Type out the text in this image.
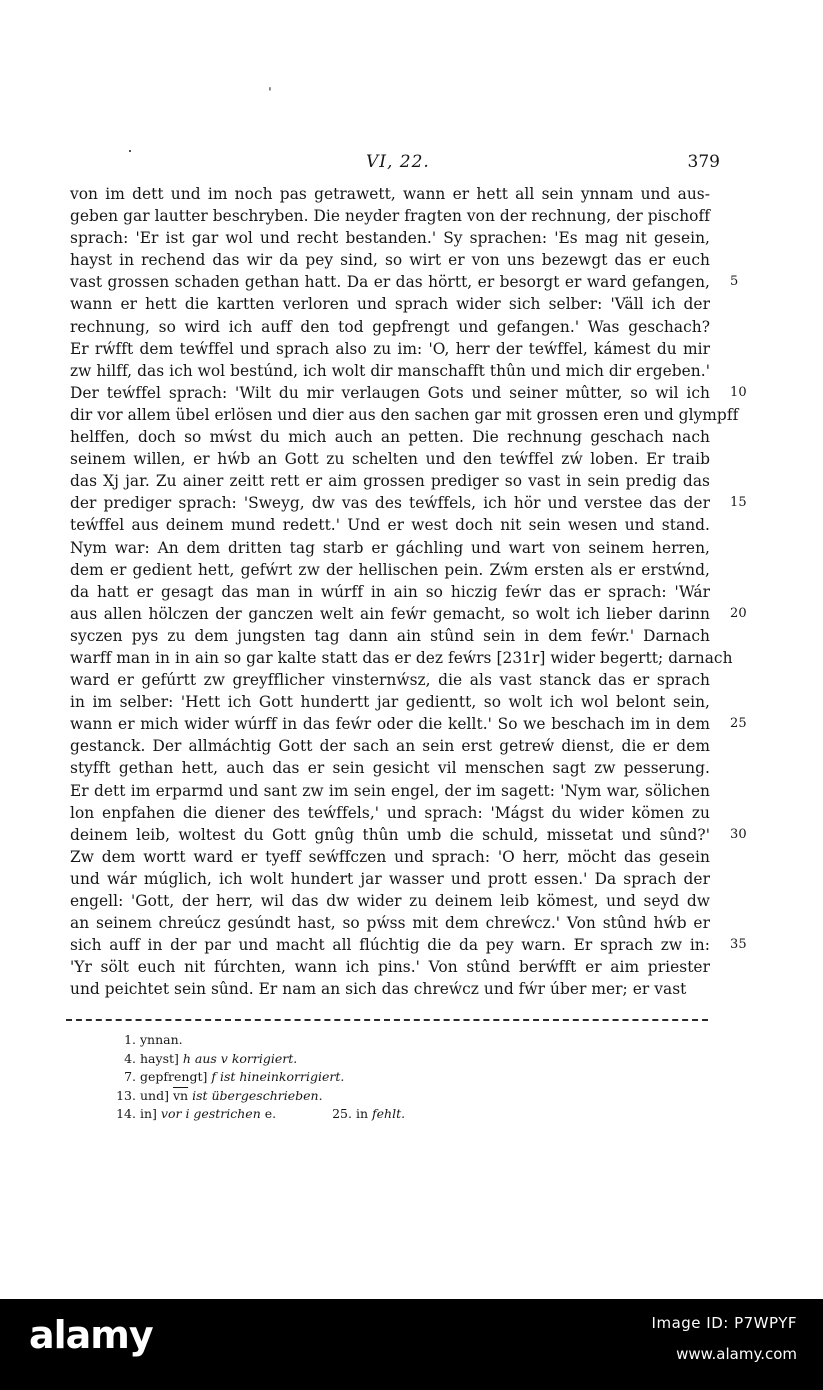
ˈ
VI, 22.	379
von im dett und im noch pas getrawett, wann er hett all sein ynnam und aus-
geben gar lautter beschryben. Die neyder fragten von der rechnung, der pischoff
sprach: 'Er ist gar wol und recht bestanden.' Sy sprachen: 'Es mag nit gesein,
hayst in rechend das wir da pey sind, so wirt er von uns bezewgt das er euch
vast grossen schaden gethan hatt. Da er das hörtt, er besorgt er ward gefangen, 5
wann er hett die kartten verloren und sprach wider sich selber: 'Väll ich der
rechnung, so wird ich auff den tod gepfrengt und gefangen.' Was geschach?
Er rẃfft dem teẃffel und sprach also zu im: 'O, herr der teẃffel, kámest du mir
zw hilff, das ich wol bestúnd, ich wolt dir manschafft thûn und mich dir ergeben.'
Der teẃffel sprach: 'Wilt du mir verlaugen Gots und seiner mûtter, so wil ich 10
dir vor allem übel erlösen und dier aus den sachen gar mit grossen eren und glympff
helffen, doch so mẃst du mich auch an petten. Die rechnung geschach nach
seinem willen, er hẃb an Gott zu schelten und den teẃffel zẃ loben. Er traib
das Xj jar. Zu ainer zeitt rett er aim grossen prediger so vast in sein predig das
der prediger sprach: 'Sweyg, dw vas des teẃffels, ich hör und verstee das der 15
teẃffel aus deinem mund redett.' Und er west doch nit sein wesen und stand.
Nym war: An dem dritten tag starb er gáchling und wart von seinem herren,
dem er gedient hett, gefẃrt zw der hellischen pein. Zẃm ersten als er erstẃnd,
da hatt er gesagt das man in wúrff in ain so hiczig feẃr das er sprach: 'Wár
aus allen hölczen der ganczen welt ain feẃr gemacht, so wolt ich lieber darinn 20
syczen pys zu dem jungsten tag dann ain stûnd sein in dem feẃr.' Darnach
warff man in in ain so gar kalte statt das er dez feẃrs [231r] wider begertt; darnach
ward er gefúrtt zw greyfflicher vinsternẃsz, die als vast stanck das er sprach
in im selber: 'Hett ich Gott hundertt jar gedientt, so wolt ich wol belont sein,
wann er mich wider wúrff in das feẃr oder die kellt.' So we beschach im in dem 25
gestanck. Der allmáchtig Gott der sach an sein erst getreẃ dienst, die er dem
styfft gethan hett, auch das er sein gesicht vil menschen sagt zw pesserung.
Er dett im erparmd und sant zw im sein engel, der im sagett: 'Nym war, sölichen
lon enpfahen die diener des teẃffels,' und sprach: 'Mágst du wider kömen zu
deinem leib, woltest du Gott gnûg thûn umb die schuld, missetat und sûnd?' 30
Zw dem wortt ward er tyeff seẃffczen und sprach: 'O herr, möcht das gesein
und wár múglich, ich wolt hundert jar wasser und prott essen.' Da sprach der
engell: 'Gott, der herr, wil das dw wider zu deinem leib kömest, und seyd dw
an seinem chreúcz gesúndt hast, so pẃss mit dem chreẃcz.' Von stûnd hẃb er
sich auff in der par und macht all flúchtig die da pey warn. Er sprach zw in: 35
'Yr sölt euch nit fúrchten, wann ich pins.' Von stûnd berẃfft er aim priester
und peichtet sein sûnd. Er nam an sich das chreẃcz und fẃr úber mer; er vast
1. ynnan.
4. hayst] h aus v korrigiert.
7. gepfrengt] f ist hineinkorrigiert.
13. und] $\overline{vn}$ ist übergeschrieben.
14. in] vor i gestrichen e.	25. in fehlt.
alamy	Image ID: P7WPYF
www.alamy.com
